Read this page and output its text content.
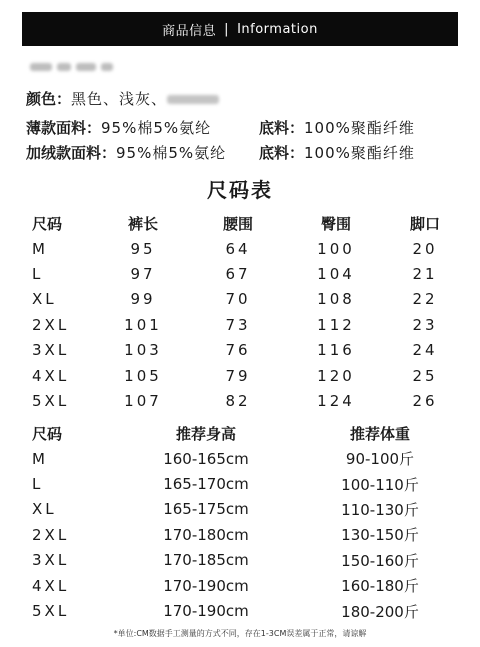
商品信息 | Information
颜色：黑色、浅灰、
薄款面料：95%棉5%氨纶	底料：100%聚酯纤维
加绒款面料：95%棉5%氨纶 底料：100%聚酯纤维
尺码表
尺码	裤长	腰围	臀围	脚口
M	95	64	100	20
L	97	67	104	21
XL	99	70	108	22
2XL	101	73	112	23
3XL	103	76	116	24
4XL	105	79	120	25
5XL	107	82	124	26
尺码	推荐身高	推荐体重
M	160-165cm	90-100斤
L	165-170cm	100-110斤
XL	165-175cm	110-130斤
2XL	170-180cm	130-150斤
3XL	170-185cm	150-160斤
4XL	170-190cm	160-180斤
5XL	170-190cm	180-200斤
*单位:CM数据手工测量的方式不同，存在1-3CM误差属于正常，请谅解
